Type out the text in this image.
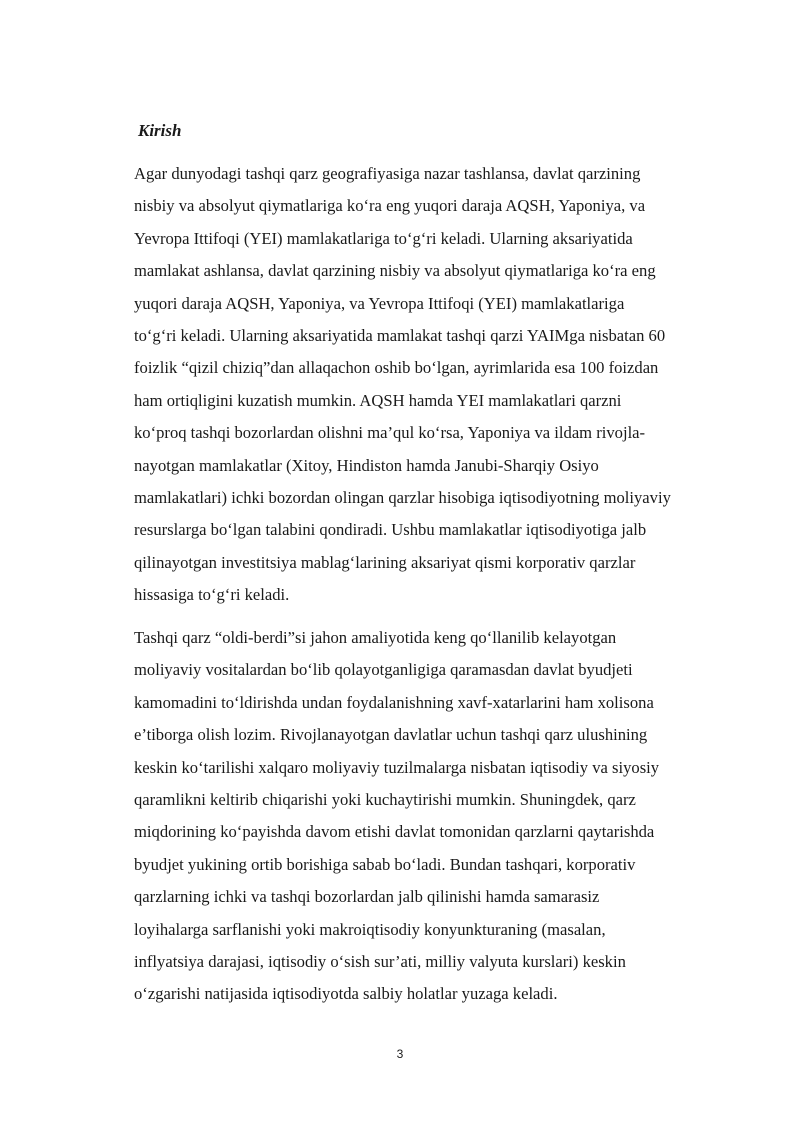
Kirish

Agar dunyodagi tashqi qarz geografiyasiga nazar tashlansa, davlat qarzining
nisbiy va absolyut qiymatlariga ko‘ra eng yuqori daraja AQSH, Yaponiya, va
Yevropa Ittifoqi (YEI) mamlakatlariga to‘g‘ri keladi. Ularning aksariyatida
mamlakat ashlansa, davlat qarzining nisbiy va absolyut qiymatlariga ko‘ra eng
yuqori daraja AQSH, Yaponiya, va Yevropa Ittifoqi (YEI) mamlakatlariga
to‘g‘ri keladi. Ularning aksariyatida mamlakat tashqi qarzi YAIMga nisbatan 60
foizlik “qizil chiziq”dan allaqachon oshib bo‘lgan, ayrimlarida esa 100 foizdan
ham ortiqligini kuzatish mumkin. AQSH hamda YEI mamlakatlari qarzni
ko‘proq tashqi bozorlardan olishni ma’qul ko‘rsa, Yaponiya va ildam rivojla-
nayotgan mamlakatlar (Xitoy, Hindiston hamda Janubi-Sharqiy Osiyo
mamlakatlari) ichki bozordan olingan qarzlar hisobiga iqtisodiyotning moliyaviy
resurslarga bo‘lgan talabini qondiradi. Ushbu mamlakatlar iqtisodiyotiga jalb
qilinayotgan investitsiya mablag‘larining aksariyat qismi korporativ qarzlar
hissasiga to‘g‘ri keladi.

Tashqi qarz “oldi-berdi”si jahon amaliyotida keng qo‘llanilib kelayotgan
moliyaviy vositalardan bo‘lib qolayotganligiga qaramasdan davlat byudjeti
kamomadini to‘ldirishda undan foydalanishning xavf-xatarlarini ham xolisona
e’tiborga olish lozim. Rivojlanayotgan davlatlar uchun tashqi qarz ulushining
keskin ko‘tarilishi xalqaro moliyaviy tuzilmalarga nisbatan iqtisodiy va siyosiy
qaramlikni keltirib chiqarishi yoki kuchaytirishi mumkin. Shuningdek, qarz
miqdorining ko‘payishda davom etishi davlat tomonidan qarzlarni qaytarishda
byudjet yukining ortib borishiga sabab bo‘ladi. Bundan tashqari, korporativ
qarzlarning ichki va tashqi bozorlardan jalb qilinishi hamda samarasiz
loyihalarga sarflanishi yoki makroiqtisodiy konyunkturaning (masalan,
inflyatsiya darajasi, iqtisodiy o‘sish sur’ati, milliy valyuta kurslari) keskin
o‘zgarishi natijasida iqtisodiyotda salbiy holatlar yuzaga keladi.

3
